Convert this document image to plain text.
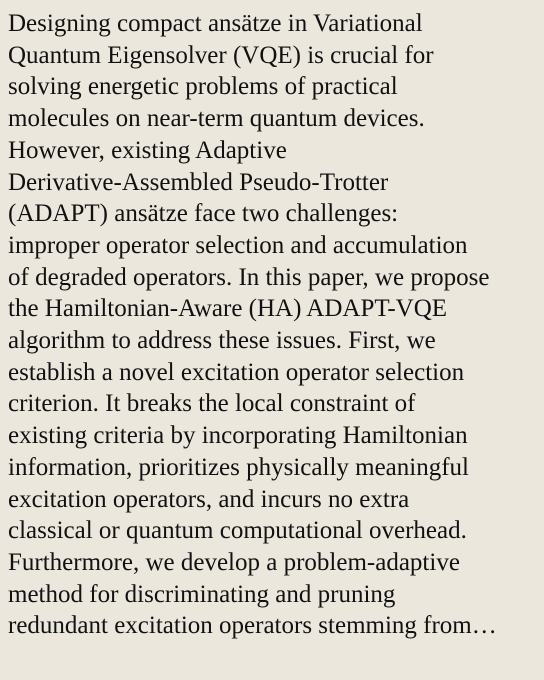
Designing compact ansätze in Variational
Quantum Eigensolver (VQE) is crucial for
solving energetic problems of practical
molecules on near-term quantum devices.
However, existing Adaptive
Derivative-Assembled Pseudo-Trotter
(ADAPT) ansätze face two challenges:
improper operator selection and accumulation
of degraded operators. In this paper, we propose
the Hamiltonian-Aware (HA) ADAPT-VQE
algorithm to address these issues. First, we
establish a novel excitation operator selection
criterion. It breaks the local constraint of
existing criteria by incorporating Hamiltonian
information, prioritizes physically meaningful
excitation operators, and incurs no extra
classical or quantum computational overhead.
Furthermore, we develop a problem-adaptive
method for discriminating and pruning
redundant excitation operators stemming from…
